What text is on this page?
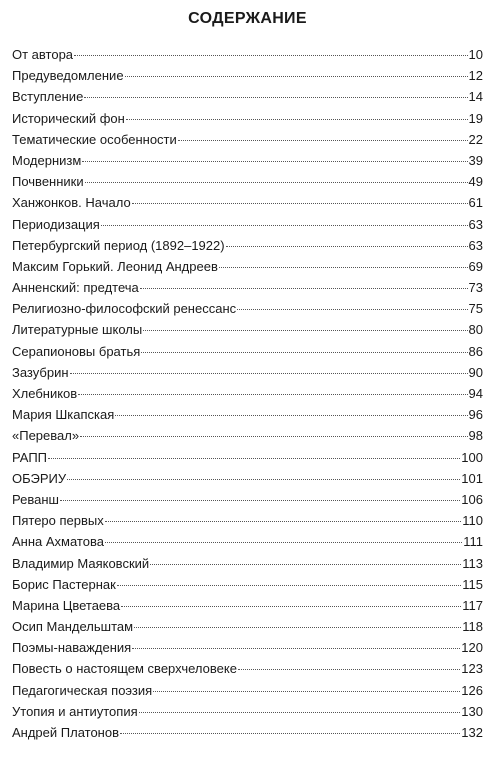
СОДЕРЖАНИЕ
От автора	10
Предуведомление	12
Вступление	14
Исторический фон	19
Тематические особенности	22
Модернизм	39
Почвенники	49
Ханжонков. Начало	61
Периодизация	63
Петербургский период (1892–1922)	63
Максим Горький. Леонид Андреев	69
Анненский: предтеча	73
Религиозно-философский ренессанс	75
Литературные школы	80
Серапионовы братья	86
Зазубрин	90
Хлебников	94
Мария Шкапская	96
«Перевал»	98
РАПП	100
ОБЭРИУ	101
Реванш	106
Пятеро первых	110
Анна Ахматова	111
Владимир Маяковский	113
Борис Пастернак	115
Марина Цветаева	117
Осип Мандельштам	118
Поэмы-наваждения	120
Повесть о настоящем сверхчеловеке	123
Педагогическая поэзия	126
Утопия и антиутопия	130
Андрей Платонов	132
